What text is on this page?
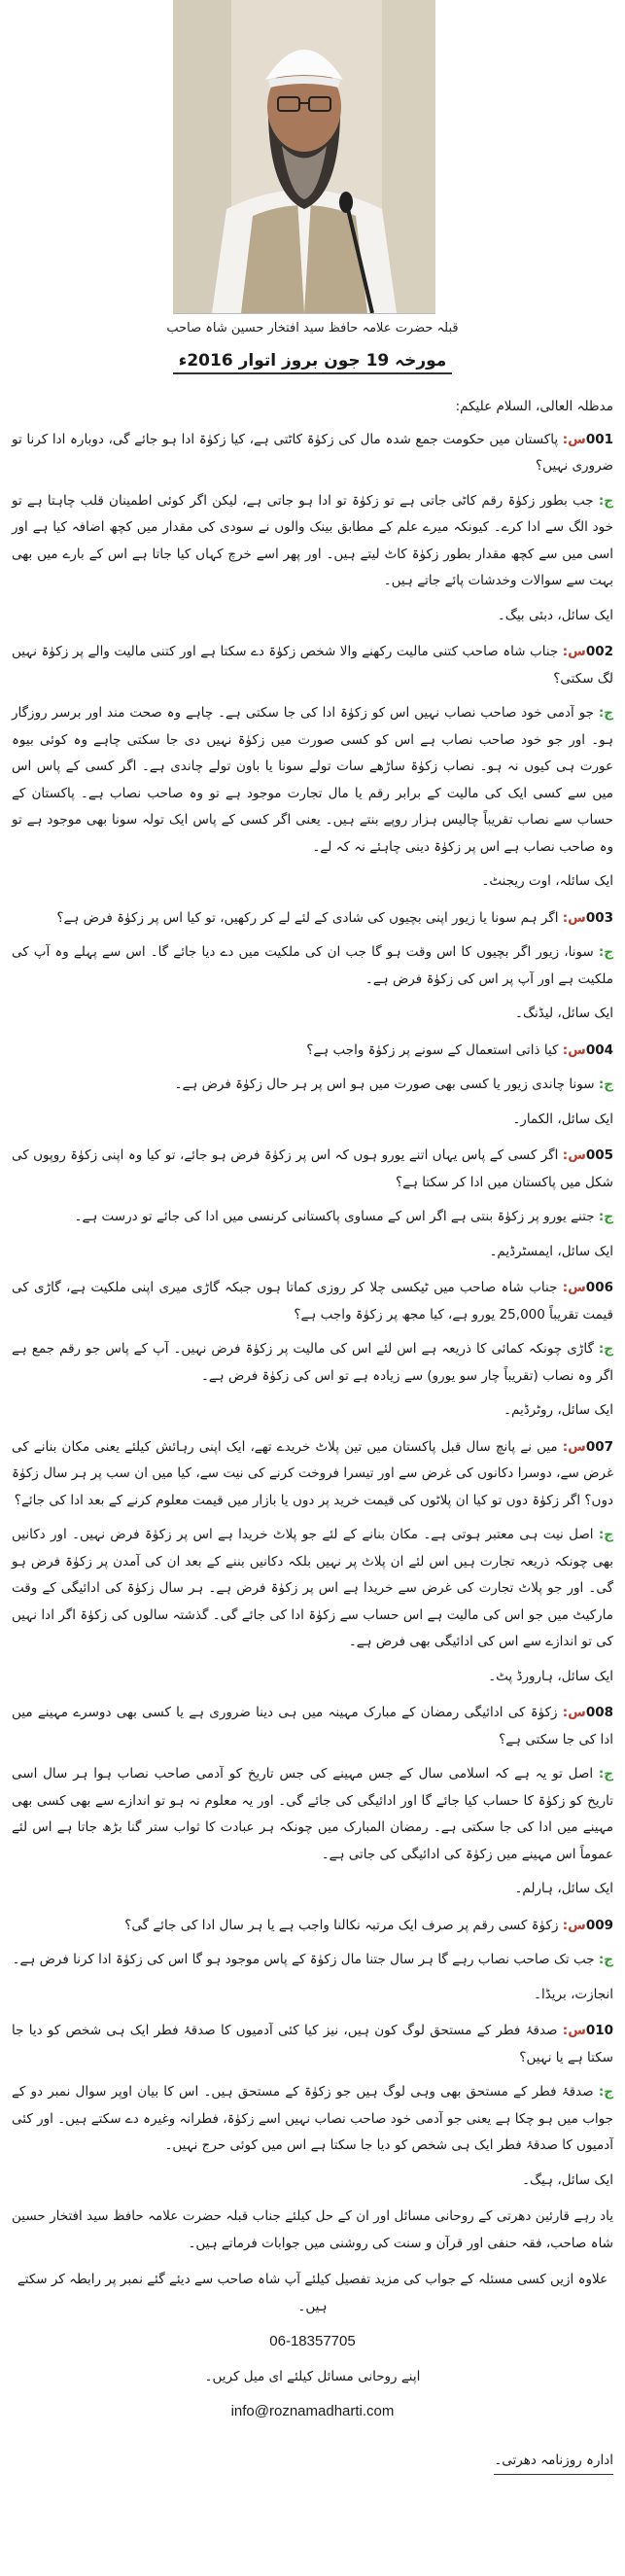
قبلہ حضرت علامہ حافظ سید افتخار حسین شاہ صاحب
مورخہ 19 جون بروز اتوار 2016ء

مدظلہ العالی، السلام علیکم:

001س: پاکستان میں حکومت جمع شدہ مال کی زکوٰۃ کاٹتی ہے، کیا زکوٰۃ ادا ہو جائے گی، دوبارہ ادا کرنا تو ضروری نہیں؟

ج: جب بطور زکوٰۃ رقم کاٹی جاتی ہے تو زکوٰۃ تو ادا ہو جاتی ہے، لیکن اگر کوئی اطمینان قلب چاہتا ہے تو خود الگ سے ادا کرے۔ کیونکہ میرے علم کے مطابق بینک والوں نے سودی کی مقدار میں کچھ اضافہ کیا ہے اور اسی میں سے کچھ مقدار بطور زکوٰۃ کاٹ لیتے ہیں۔ اور پھر اسے خرچ کہاں کیا جاتا ہے اس کے بارے میں بھی بہت سے سوالات وخدشات پائے جاتے ہیں۔

ایک سائل، دبئی بیگ۔

002س: جناب شاہ صاحب کتنی مالیت رکھنے والا شخص زکوٰۃ دے سکتا ہے اور کتنی مالیت والے پر زکوٰۃ نہیں لگ سکتی؟

ج: جو آدمی خود صاحب نصاب نہیں اس کو زکوٰۃ ادا کی جا سکتی ہے۔ چاہے وہ صحت مند اور برسر روزگار ہو۔ اور جو خود صاحب نصاب ہے اس کو کسی صورت میں زکوٰۃ نہیں دی جا سکتی چاہے وہ کوئی بیوہ عورت ہی کیوں نہ ہو۔ نصاب زکوٰۃ ساڑھے سات تولے سونا یا باون تولے چاندی ہے۔ اگر کسی کے پاس اس میں سے کسی ایک کی مالیت کے برابر رقم یا مال تجارت موجود ہے تو وہ صاحب نصاب ہے۔ پاکستان کے حساب سے نصاب تقریباً چالیس ہزار روپے بنتے ہیں۔ یعنی اگر کسی کے پاس ایک تولہ سونا بھی موجود ہے تو وہ صاحب نصاب ہے اس پر زکوٰۃ دینی چاہئے نہ کہ لے۔

ایک سائلہ، اوت ریجنٹ۔

003س: اگر ہم سونا یا زیور اپنی بچیوں کی شادی کے لئے لے کر رکھیں، تو کیا اس پر زکوٰۃ فرض ہے؟

ج: سونا، زیور اگر بچیوں کا اس وقت ہو گا جب ان کی ملکیت میں دے دیا جائے گا۔ اس سے پہلے وہ آپ کی ملکیت ہے اور آپ پر اس کی زکوٰۃ فرض ہے۔

ایک سائل، لیڈنگ۔

004س: کیا ذاتی استعمال کے سونے پر زکوٰۃ واجب ہے؟

ج: سونا چاندی زیور یا کسی بھی صورت میں ہو اس پر ہر حال زکوٰۃ فرض ہے۔

ایک سائل، الکمار۔

005س: اگر کسی کے پاس یہاں اتنے یورو ہوں کہ اس پر زکوٰۃ فرض ہو جائے، تو کیا وہ اپنی زکوٰۃ روپوں کی شکل میں پاکستان میں ادا کر سکتا ہے؟

ج: جتنے یورو پر زکوٰۃ بنتی ہے اگر اس کے مساوی پاکستانی کرنسی میں ادا کی جائے تو درست ہے۔

ایک سائل، ایمسٹرڈیم۔

006س: جناب شاہ صاحب میں ٹیکسی چلا کر روزی کماتا ہوں جبکہ گاڑی میری اپنی ملکیت ہے، گاڑی کی قیمت تقریباً 25,000 یورو ہے، کیا مجھ پر زکوٰۃ واجب ہے؟

ج: گاڑی چونکہ کمائی کا ذریعہ ہے اس لئے اس کی مالیت پر زکوٰۃ فرض نہیں۔ آپ کے پاس جو رقم جمع ہے اگر وہ نصاب (تقریباً چار سو یورو) سے زیادہ ہے تو اس کی زکوٰۃ فرض ہے۔

ایک سائل، روٹرڈیم۔

007س: میں نے پانچ سال قبل پاکستان میں تین پلاٹ خریدے تھے، ایک اپنی رہائش کیلئے یعنی مکان بنانے کی غرض سے، دوسرا دکانوں کی غرض سے اور تیسرا فروخت کرنے کی نیت سے، کیا میں ان سب پر ہر سال زکوٰۃ دوں؟ اگر زکوٰۃ دوں تو کیا ان پلاٹوں کی قیمت خرید پر دوں یا بازار میں قیمت معلوم کرنے کے بعد ادا کی جائے؟

ج: اصل نیت ہی معتبر ہوتی ہے۔ مکان بنانے کے لئے جو پلاٹ خریدا ہے اس پر زکوٰۃ فرض نہیں۔ اور دکانیں بھی چونکہ ذریعہ تجارت ہیں اس لئے ان پلاٹ پر نہیں بلکہ دکانیں بننے کے بعد ان کی آمدن پر زکوٰۃ فرض ہو گی۔ اور جو پلاٹ تجارت کی غرض سے خریدا ہے اس پر زکوٰۃ فرض ہے۔ ہر سال زکوٰۃ کی ادائیگی کے وقت مارکیٹ میں جو اس کی مالیت ہے اس حساب سے زکوٰۃ ادا کی جائے گی۔ گذشتہ سالوں کی زکوٰۃ اگر ادا نہیں کی تو اندازے سے اس کی ادائیگی بھی فرض ہے۔

ایک سائل، ہارورڈ پٹ۔

008س: زکوٰۃ کی ادائیگی رمضان کے مبارک مہینہ میں ہی دینا ضروری ہے یا کسی بھی دوسرے مہینے میں ادا کی جا سکتی ہے؟

ج: اصل تو یہ ہے کہ اسلامی سال کے جس مہینے کی جس تاریخ کو آدمی صاحب نصاب ہوا ہر سال اسی تاریخ کو زکوٰۃ کا حساب کیا جائے گا اور ادائیگی کی جائے گی۔ اور یہ معلوم نہ ہو تو اندازے سے بھی کسی بھی مہینے میں ادا کی جا سکتی ہے۔ رمضان المبارک میں چونکہ ہر عبادت کا ثواب ستر گنا بڑھ جاتا ہے اس لئے عموماً اس مہینے میں زکوٰۃ کی ادائیگی کی جاتی ہے۔

ایک سائل، ہارلم۔

009س: زکوٰۃ کسی رقم پر صرف ایک مرتبہ نکالنا واجب ہے یا ہر سال ادا کی جائے گی؟

ج: جب تک صاحب نصاب رہے گا ہر سال جتنا مال زکوٰۃ کے پاس موجود ہو گا اس کی زکوٰۃ ادا کرنا فرض ہے۔

انجازت، بریڈا۔

010س: صدقۂ فطر کے مستحق لوگ کون ہیں، نیز کیا کئی آدمیوں کا صدقۂ فطر ایک ہی شخص کو دیا جا سکتا ہے یا نہیں؟

ج: صدقۂ فطر کے مستحق بھی وہی لوگ ہیں جو زکوٰۃ کے مستحق ہیں۔ اس کا بیان اوپر سوال نمبر دو کے جواب میں ہو چکا ہے یعنی جو آدمی خود صاحب نصاب نہیں اسے زکوٰۃ، فطرانہ وغیرہ دے سکتے ہیں۔ اور کئی آدمیوں کا صدقۂ فطر ایک ہی شخص کو دیا جا سکتا ہے اس میں کوئی حرج نہیں۔

ایک سائل، ہیگ۔

یاد رہے قارئین دھرتی کے روحانی مسائل اور ان کے حل کیلئے جناب قبلہ حضرت علامہ حافظ سید افتخار حسین شاہ صاحب، فقہ حنفی اور قرآن و سنت کی روشنی میں جوابات فرماتے ہیں۔

علاوہ ازیں کسی مسئلہ کے جواب کی مزید تفصیل کیلئے آپ شاہ صاحب سے دیئے گئے نمبر پر رابطہ کر سکتے ہیں۔

06-18357705

اپنے روحانی مسائل کیلئے ای میل کریں۔

info@roznamadharti.com

ادارہ روزنامہ دھرتی۔
